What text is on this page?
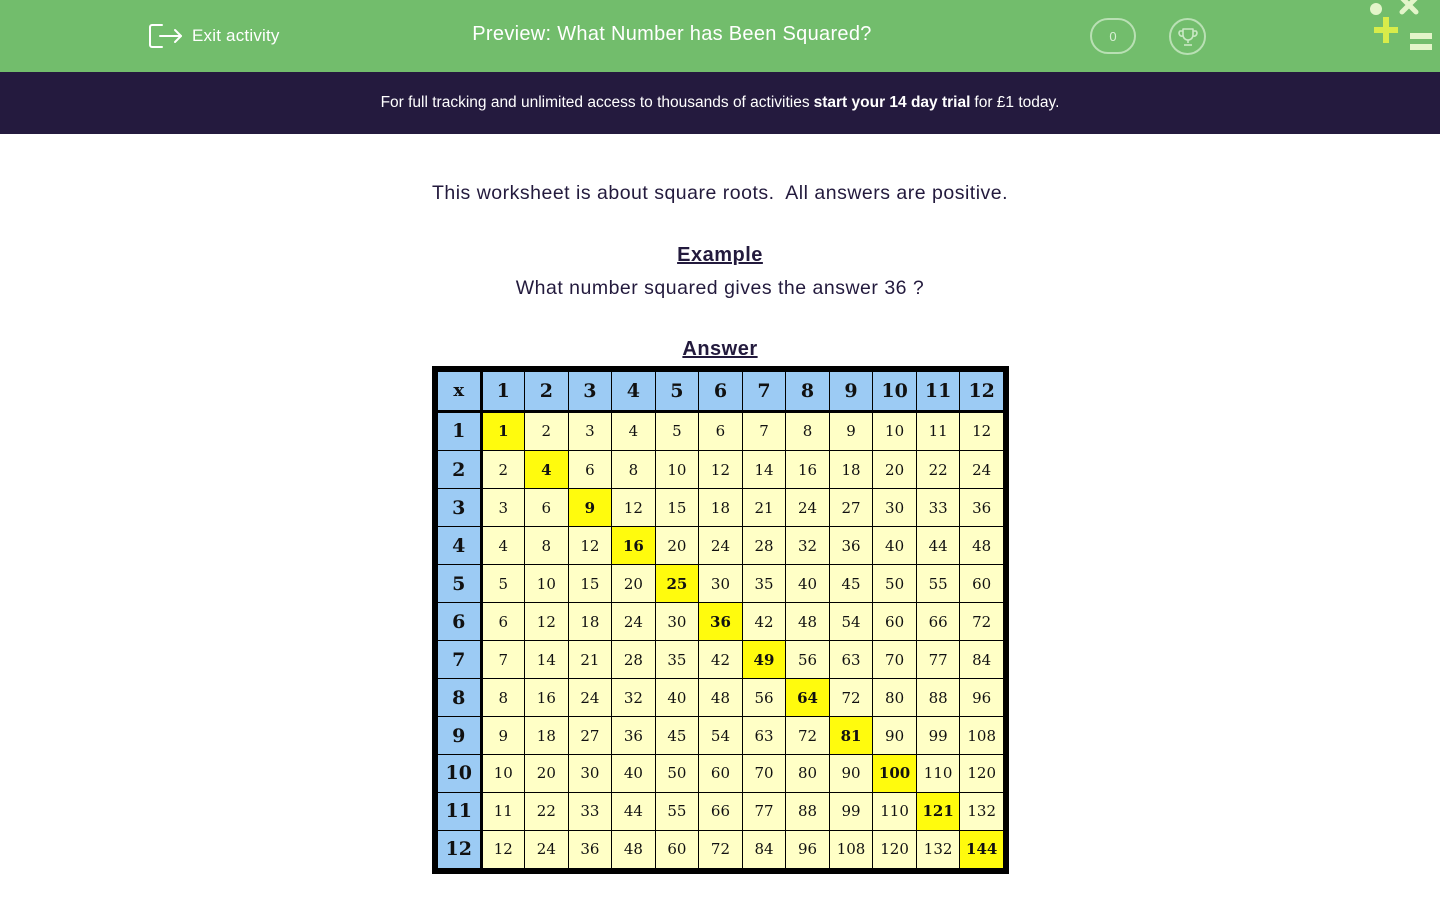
Exit activity	Preview: What Number has Been Squared?	0
For full tracking and unlimited access to thousands of activities start your 14 day trial for £1 today.
This worksheet is about square roots.  All answers are positive.
Example
What number squared gives the answer 36 ?
Answer
x	1	2	3	4	5	6	7	8	9	10	11	12
1	1	2	3	4	5	6	7	8	9	10	11	12
2	2	4	6	8	10	12	14	16	18	20	22	24
3	3	6	9	12	15	18	21	24	27	30	33	36
4	4	8	12	16	20	24	28	32	36	40	44	48
5	5	10	15	20	25	30	35	40	45	50	55	60
6	6	12	18	24	30	36	42	48	54	60	66	72
7	7	14	21	28	35	42	49	56	63	70	77	84
8	8	16	24	32	40	48	56	64	72	80	88	96
9	9	18	27	36	45	54	63	72	81	90	99	108
10	10	20	30	40	50	60	70	80	90	100	110	120
11	11	22	33	44	55	66	77	88	99	110	121	132
12	12	24	36	48	60	72	84	96	108	120	132	144
